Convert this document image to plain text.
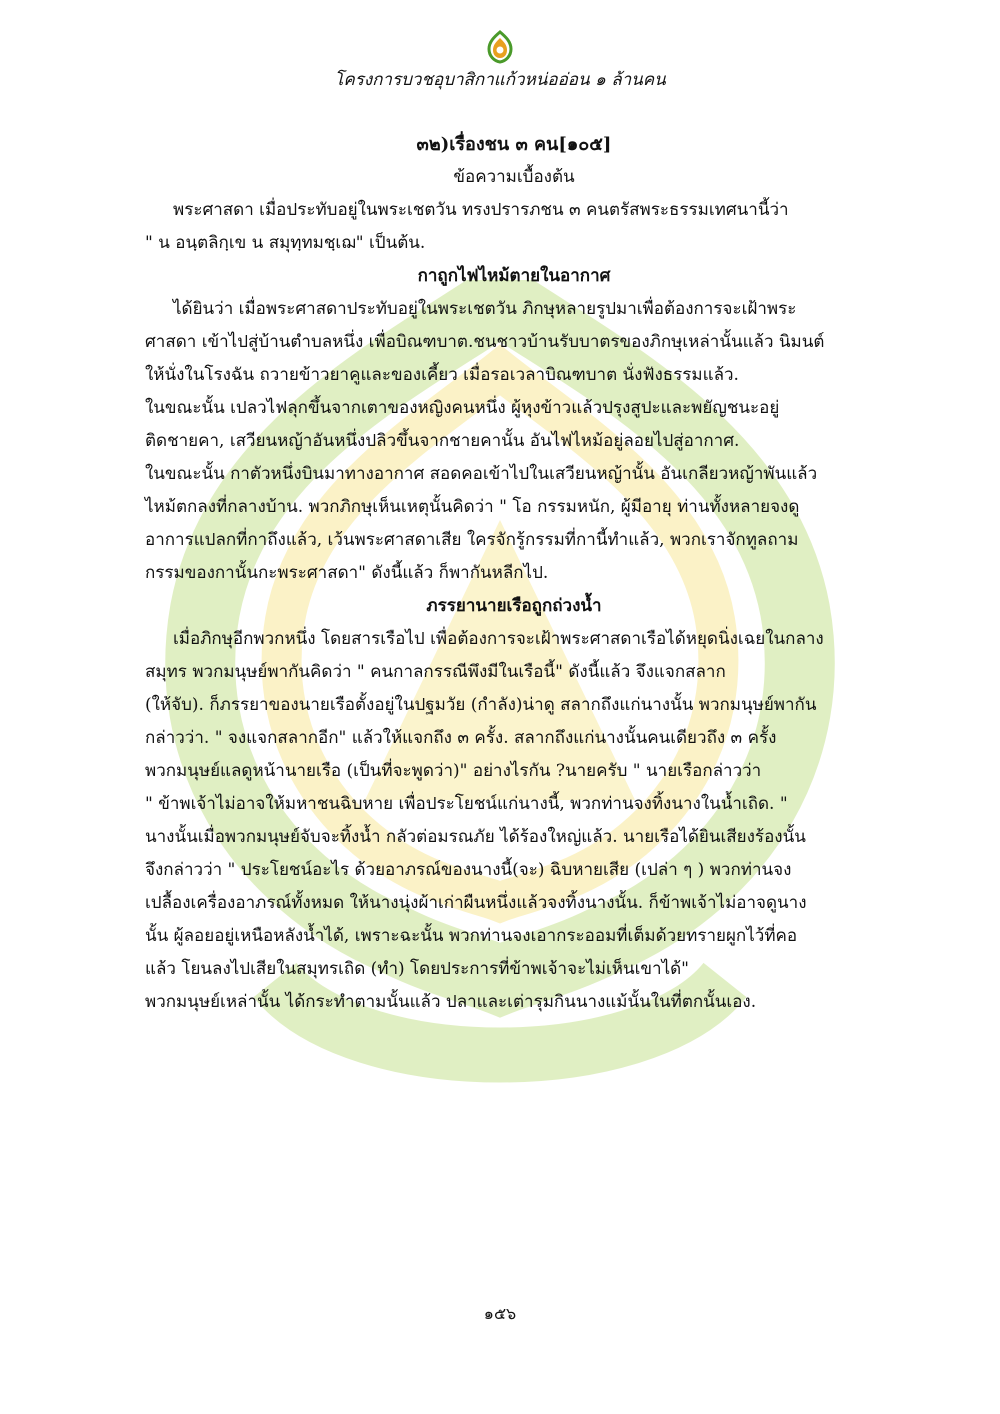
โครงการบวชอุบาสิกาแก้วหน่ออ่อน ๑ ล้านคน

๓๒)เรื่องชน ๓ คน[๑๐๕]

ข้อความเบื้องต้น

พระศาสดา เมื่อประทับอยู่ในพระเชตวัน ทรงปรารภชน ๓ คนตรัสพระธรรมเทศนานี้ว่า

" น อนฺตลิกฺเข น สมุทฺทมชฺเฌ" เป็นต้น.

กาถูกไฟไหม้ตายในอากาศ

ได้ยินว่า เมื่อพระศาสดาประทับอยู่ในพระเชตวัน ภิกษุหลายรูปมาเพื่อต้องการจะเฝ้าพระ

ศาสดา เข้าไปสู่บ้านตำบลหนึ่ง เพื่อบิณฑบาต.ชนชาวบ้านรับบาตรของภิกษุเหล่านั้นแล้ว นิมนต์

ให้นั่งในโรงฉัน ถวายข้าวยาคูและของเคี้ยว เมื่อรอเวลาบิณฑบาต นั่งฟังธรรมแล้ว.

ในขณะนั้น เปลวไฟลุกขึ้นจากเตาของหญิงคนหนึ่ง ผู้หุงข้าวแล้วปรุงสูปะและพยัญชนะอยู่

ติดชายคา, เสวียนหญ้าอันหนึ่งปลิวขึ้นจากชายคานั้น อันไฟไหม้อยู่ลอยไปสู่อากาศ.

ในขณะนั้น กาตัวหนึ่งบินมาทางอากาศ สอดคอเข้าไปในเสวียนหญ้านั้น อันเกลียวหญ้าพันแล้ว

ไหม้ตกลงที่กลางบ้าน. พวกภิกษุเห็นเหตุนั้นคิดว่า " โอ กรรมหนัก, ผู้มีอายุ ท่านทั้งหลายจงดู

อาการแปลกที่กาถึงแล้ว, เว้นพระศาสดาเสีย ใครจักรู้กรรมที่กานี้ทำแล้ว, พวกเราจักทูลถาม

กรรมของกานั้นกะพระศาสดา" ดังนี้แล้ว ก็พากันหลีกไป.

ภรรยานายเรือถูกถ่วงน้ำ

เมื่อภิกษุอีกพวกหนึ่ง โดยสารเรือไป เพื่อต้องการจะเฝ้าพระศาสดาเรือได้หยุดนิ่งเฉยในกลาง

สมุทร พวกมนุษย์พากันคิดว่า " คนกาลกรรณีพึงมีในเรือนี้" ดังนี้แล้ว จึงแจกสลาก

(ให้จับ). ก็ภรรยาของนายเรือตั้งอยู่ในปฐมวัย (กำลัง)น่าดู สลากถึงแก่นางนั้น พวกมนุษย์พากัน

กล่าวว่า. " จงแจกสลากอีก" แล้วให้แจกถึง ๓ ครั้ง. สลากถึงแก่นางนั้นคนเดียวถึง ๓ ครั้ง

พวกมนุษย์แลดูหน้านายเรือ (เป็นที่จะพูดว่า)" อย่างไรกัน ?นายครับ " นายเรือกล่าวว่า

" ข้าพเจ้าไม่อาจให้มหาชนฉิบหาย เพื่อประโยชน์แก่นางนี้, พวกท่านจงทิ้งนางในน้ำเถิด. "

นางนั้นเมื่อพวกมนุษย์จับจะทิ้งน้ำ กลัวต่อมรณภัย ได้ร้องใหญ่แล้ว. นายเรือได้ยินเสียงร้องนั้น

จึงกล่าวว่า " ประโยชน์อะไร ด้วยอาภรณ์ของนางนี้(จะ) ฉิบหายเสีย (เปล่า ๆ ) พวกท่านจง

เปลื้องเครื่องอาภรณ์ทั้งหมด ให้นางนุ่งผ้าเก่าผืนหนึ่งแล้วจงทิ้งนางนั้น. ก็ข้าพเจ้าไม่อาจดูนาง

นั้น ผู้ลอยอยู่เหนือหลังน้ำได้, เพราะฉะนั้น พวกท่านจงเอากระออมที่เต็มด้วยทรายผูกไว้ที่คอ

แล้ว โยนลงไปเสียในสมุทรเถิด (ทำ) โดยประการที่ข้าพเจ้าจะไม่เห็นเขาได้"

พวกมนุษย์เหล่านั้น ได้กระทำตามนั้นแล้ว ปลาและเต่ารุมกินนางแม้นั้นในที่ตกนั้นเอง.

๑๕๖
